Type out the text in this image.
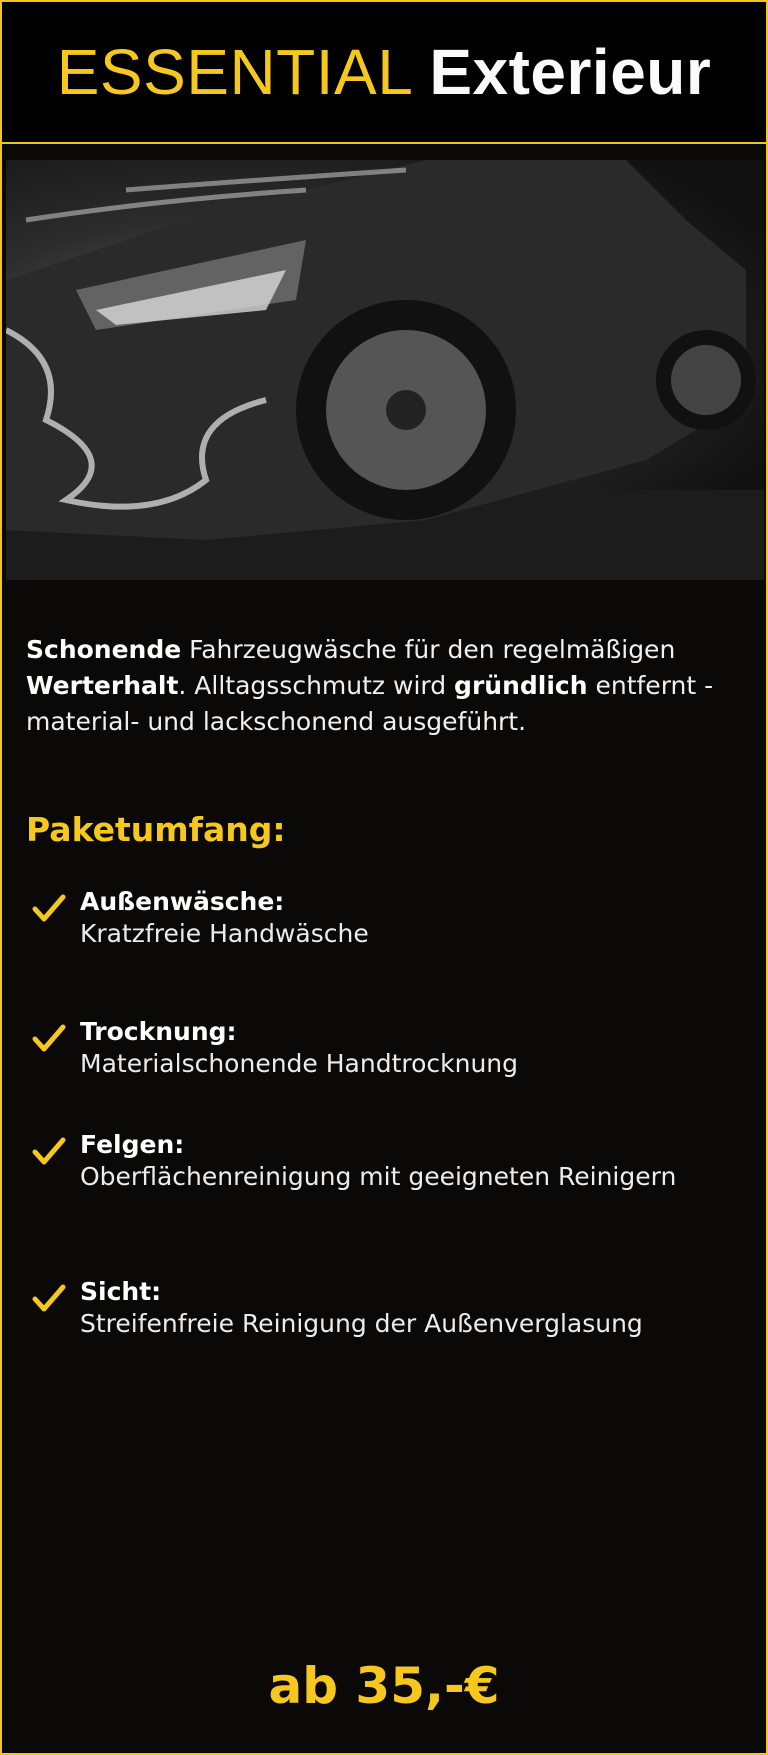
ESSENTIAL Exterieur

Schonende Fahrzeugwäsche für den regelmäßigen Werterhalt. Alltagsschmutz wird gründlich entfernt - material- und lackschonend ausgeführt.

Paketumfang:
Außenwäsche:
Kratzfreie Handwäsche
Trocknung:
Materialschonende Handtrocknung
Felgen:
Oberflächenreinigung mit geeigneten Reinigern
Sicht:
Streifenfreie Reinigung der Außenverglasung
ab 35,-€
